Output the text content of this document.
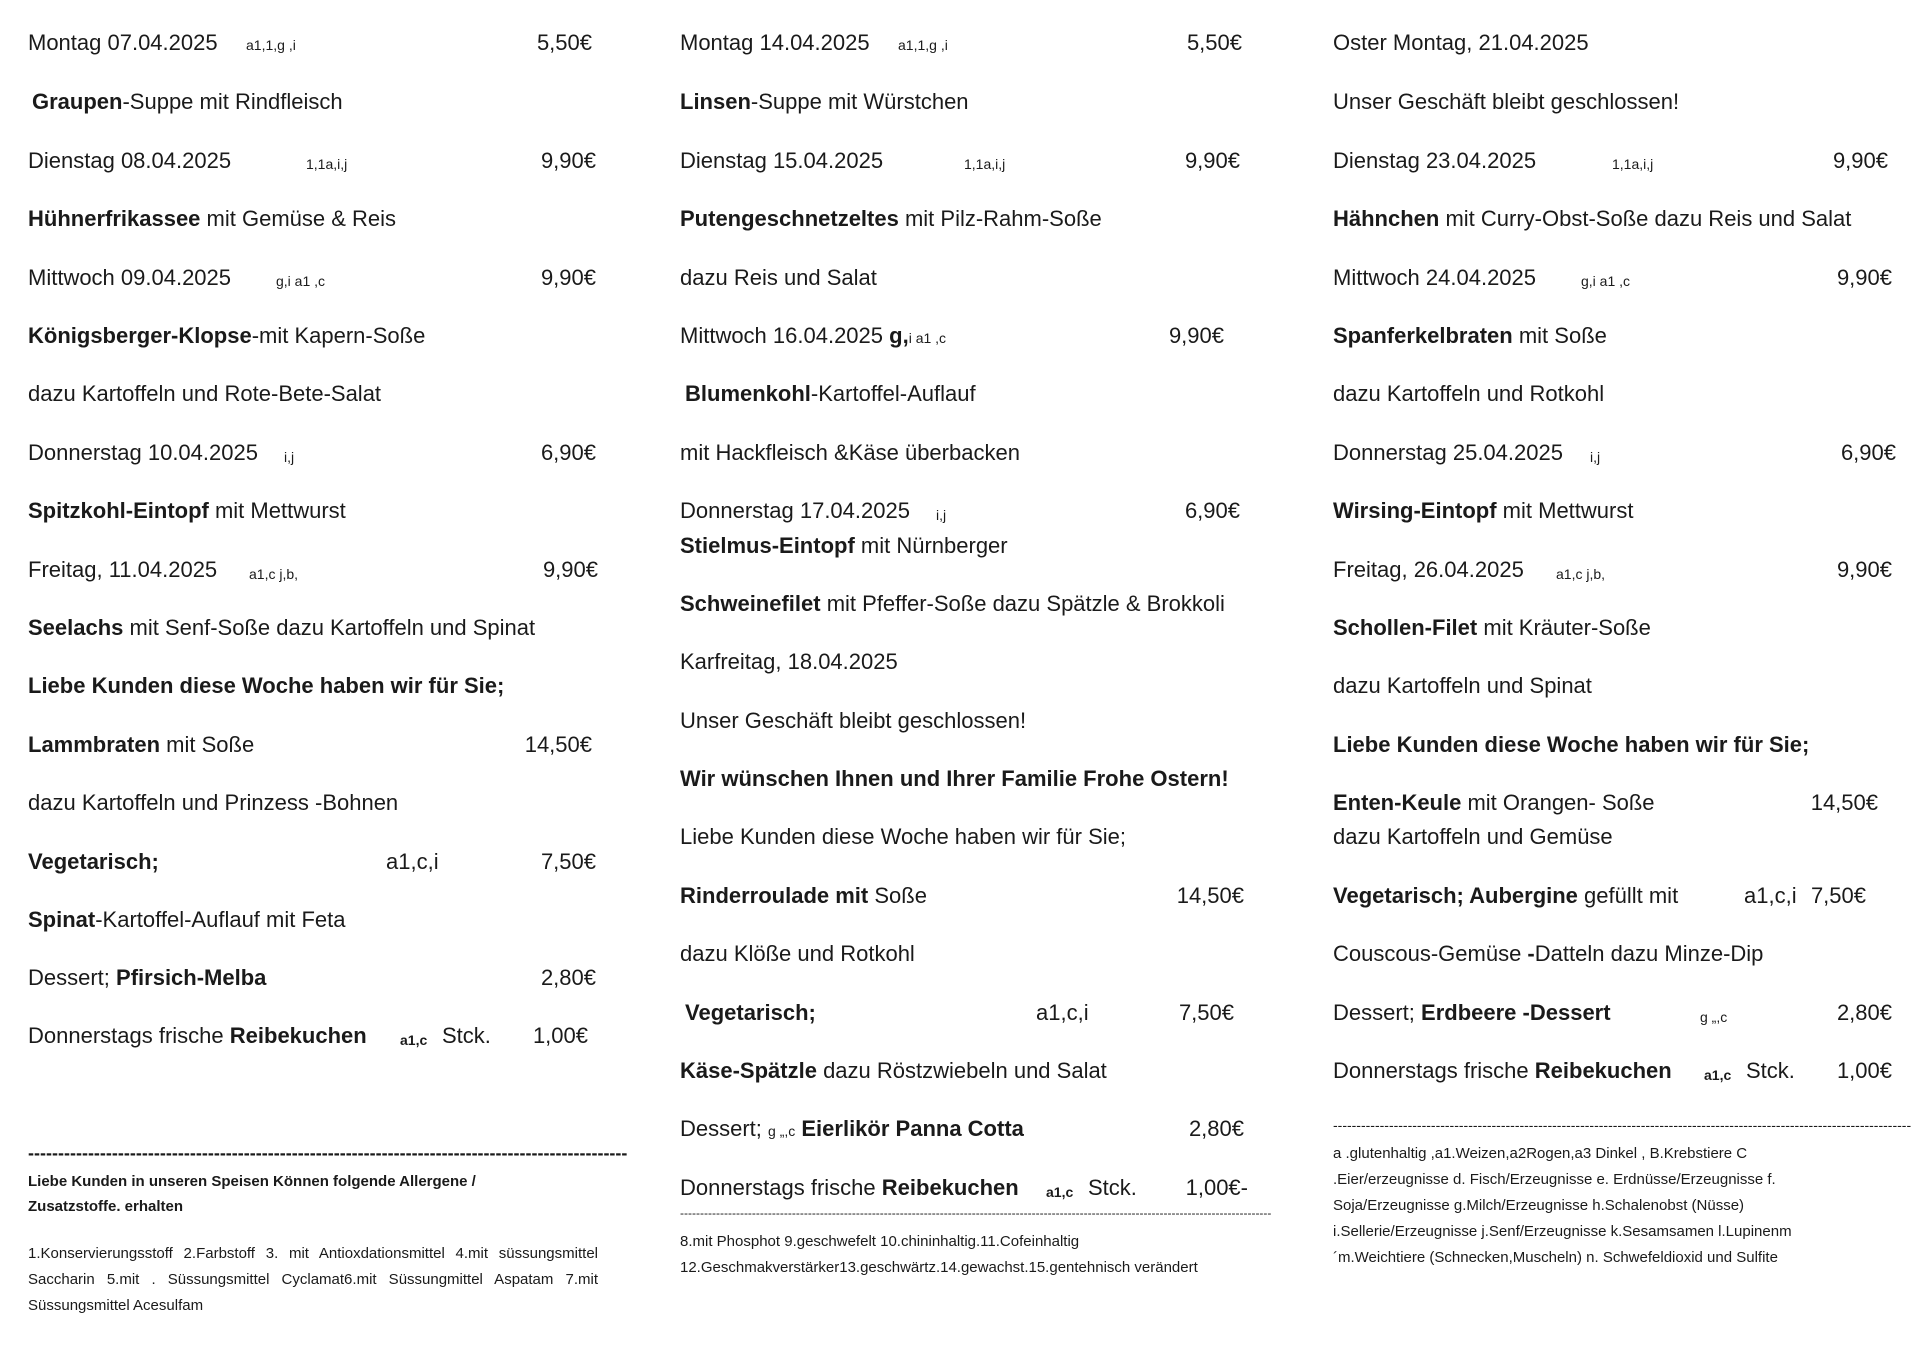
Montag 07.04.2025 a1,1,g ,i	5,50€
Graupen-Suppe mit Rindfleisch
Dienstag 08.04.2025	1,1a,i,j	9,90€
Hühnerfrikassee mit Gemüse & Reis
Mittwoch 09.04.2025	g,i a1 ,c	9,90€
Königsberger-Klopse-mit Kapern-Soße
dazu Kartoffeln und Rote-Bete-Salat
Donnerstag 10.04.2025 i,j	6,90€
Spitzkohl-Eintopf mit Mettwurst
Freitag, 11.04.2025 a1,c j,b,	9,90€
Seelachs mit Senf-Soße dazu Kartoffeln und Spinat
Liebe Kunden diese Woche haben wir für Sie;
Lammbraten mit Soße	14,50€
dazu Kartoffeln und Prinzess -Bohnen
Vegetarisch;	a1,c,i	7,50€
Spinat-Kartoffel-Auflauf mit Feta
Dessert; Pfirsich-Melba	2,80€
Donnerstags frische Reibekuchen a1,c Stck.	1,00€
----------------------------------------------------------------------------------------------------
Liebe Kunden in unseren Speisen Können folgende Allergene /
Zusatzstoffe. erhalten
1.Konservierungsstoff 2.Farbstoff 3. mit Antioxdationsmittel 4.mit süssungsmittel Saccharin 5.mit . Süssungsmittel Cyclamat6.mit Süssungmittel Aspatam 7.mit Süssungsmittel Acesulfam
Montag 14.04.2025 a1,1,g ,i	5,50€
Linsen-Suppe mit Würstchen
Dienstag 15.04.2025	1,1a,i,j	9,90€
Putengeschnetzeltes mit Pilz-Rahm-Soße
dazu Reis und Salat
Mittwoch 16.04.2025 g,i a1 ,c	9,90€
Blumenkohl-Kartoffel-Auflauf
mit Hackfleisch &Käse überbacken
Donnerstag 17.04.2025 i,j	6,90€
Stielmus-Eintopf mit Nürnberger
Schweinefilet mit Pfeffer-Soße dazu Spätzle & Brokkoli
Karfreitag, 18.04.2025
Unser Geschäft bleibt geschlossen!
Wir wünschen Ihnen und Ihrer Familie Frohe Ostern!
Liebe Kunden diese Woche haben wir für Sie;
Rinderroulade mit Soße	14,50€
dazu Klöße und Rotkohl
Vegetarisch;	a1,c,i	7,50€
Käse-Spätzle dazu Röstzwiebeln und Salat
Dessert; g „,c Eierlikör Panna Cotta	2,80€
Donnerstags frische Reibekuchen a1,c Stck.	1,00€-
----------------------------------------------------------------------------------------------------------------------------------------------------
8.mit Phosphot 9.geschwefelt 10.chininhaltig.11.Cofeinhaltig 12.Geschmakverstärker13.geschwärtz.14.gewachst.15.gentehnisch verändert
Oster Montag, 21.04.2025
Unser Geschäft bleibt geschlossen!
Dienstag 23.04.2025	1,1a,i,j	9,90€
Hähnchen mit Curry-Obst-Soße dazu Reis und Salat
Mittwoch 24.04.2025	g,i a1 ,c	9,90€
Spanferkelbraten mit Soße
dazu Kartoffeln und Rotkohl
Donnerstag 25.04.2025 i,j	6,90€
Wirsing-Eintopf mit Mettwurst
Freitag, 26.04.2025 a1,c j,b,	9,90€
Schollen-Filet mit Kräuter-Soße
dazu Kartoffeln und Spinat
Liebe Kunden diese Woche haben wir für Sie;
Enten-Keule mit Orangen- Soße	14,50€
dazu Kartoffeln und Gemüse
Vegetarisch; Aubergine gefüllt mit	a1,c,i 7,50€
Couscous-Gemüse -Datteln dazu Minze-Dip
Dessert; Erdbeere -Dessert	g „,c	2,80€
Donnerstags frische Reibekuchen a1,c Stck.	1,00€
----------------------------------------------------------------------------------------------------------------------------
a .glutenhaltig ,a1.Weizen,a2Rogen,a3 Dinkel , B.Krebstiere C .Eier/erzeugnisse d. Fisch/Erzeugnisse e. Erdnüsse/Erzeugnisse f. Soja/Erzeugnisse g.Milch/Erzeugnisse h.Schalenobst (Nüsse) i.Sellerie/Erzeugnisse j.Senf/Erzeugnisse k.Sesamsamen l.Lupinenm´m.Weichtiere (Schnecken,Muscheln) n. Schwefeldioxid und Sulfite
